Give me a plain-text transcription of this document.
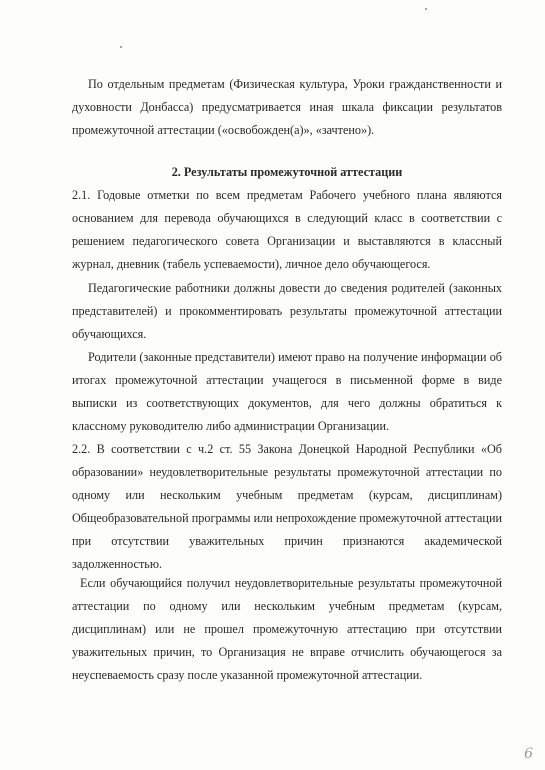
По отдельным предметам (Физическая культура, Уроки гражданственности и духовности Донбасса) предусматривается иная шкала фиксации результатов промежуточной аттестации («освобожден(а)», «зачтено»).

2. Результаты промежуточной аттестации

2.1. Годовые отметки по всем предметам Рабочего учебного плана являются основанием для перевода обучающихся в следующий класс в соответствии с решением педагогического совета Организации и выставляются в классный журнал, дневник (табель успеваемости), личное дело обучающегося.

Педагогические работники должны довести до сведения родителей (законных представителей) и прокомментировать результаты промежуточной аттестации обучающихся.

Родители (законные представители) имеют право на получение информации об итогах промежуточной аттестации учащегося в письменной форме в виде выписки из соответствующих документов, для чего должны обратиться к классному руководителю либо администрации Организации.

2.2. В соответствии с ч.2 ст. 55 Закона Донецкой Народной Республики «Об образовании» неудовлетворительные результаты промежуточной аттестации по одному или нескольким учебным предметам (курсам, дисциплинам) Общеобразовательной программы или непрохождение промежуточной аттестации при отсутствии уважительных причин признаются академической задолженностью.

Если обучающийся получил неудовлетворительные результаты промежуточной аттестации по одному или нескольким учебным предметам (курсам, дисциплинам) или не прошел промежуточную аттестацию при отсутствии уважительных причин, то Организация не вправе отчислить обучающегося за неуспеваемость сразу после указанной промежуточной аттестации.

6
